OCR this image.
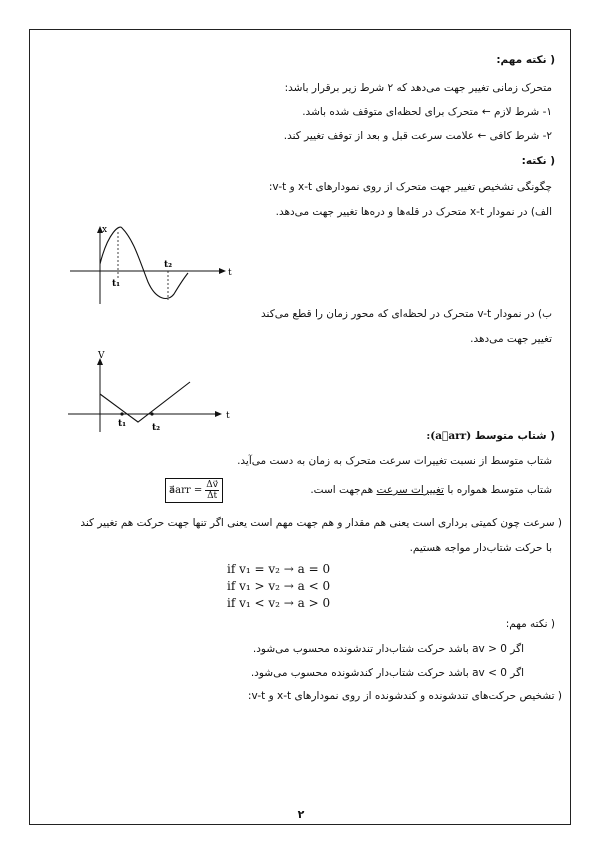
( نکته مهم:
متحرک زمانی تغییر جهت می‌دهد که ۲ شرط زیر برقرار باشد:
۱- شرط لازم ← متحرک برای لحظه‌ای متوقف شده باشد.
۲- شرط کافی ← علامت سرعت قبل و بعد از توقف تغییر کند.
( نکته:
چگونگی تشخیص تغییر جهت متحرک از روی نمودارهای x-t و v-t:
الف) در نمودار x-t متحرک در قله‌ها و دره‌ها تغییر جهت می‌دهد.
x
t
t₁
t₂
ب) در نمودار v-t متحرک در لحظه‌ای که محور زمان را قطع می‌کند
تغییر جهت می‌دهد.
V
t
t₁	t₂
( شتاب متوسط (a⃗arr):
شتاب متوسط از نسبت تغییرات سرعت متحرک به زمان به دست می‌آید.
شتاب متوسط همواره با تغییرات سرعت هم‌جهت است.
a⃗arr = $\frac{\Delta v⃗}{\Delta t}$
( سرعت چون کمیتی برداری است یعنی هم مقدار و هم جهت مهم است یعنی اگر تنها جهت حرکت هم تغییر کند
با حرکت شتاب‌دار مواجه هستیم.
if v₁ = v₂ → a = 0
if v₁ > v₂ → a < 0
if v₁ < v₂ → a > 0
( نکته مهم:
اگر av > 0 باشد حرکت شتاب‌دار تندشونده محسوب می‌شود.
اگر av < 0 باشد حرکت شتاب‌دار کندشونده محسوب می‌شود.
( تشخیص حرکت‌های تندشونده و کندشونده از روی نمودارهای x-t و v-t:
۲
